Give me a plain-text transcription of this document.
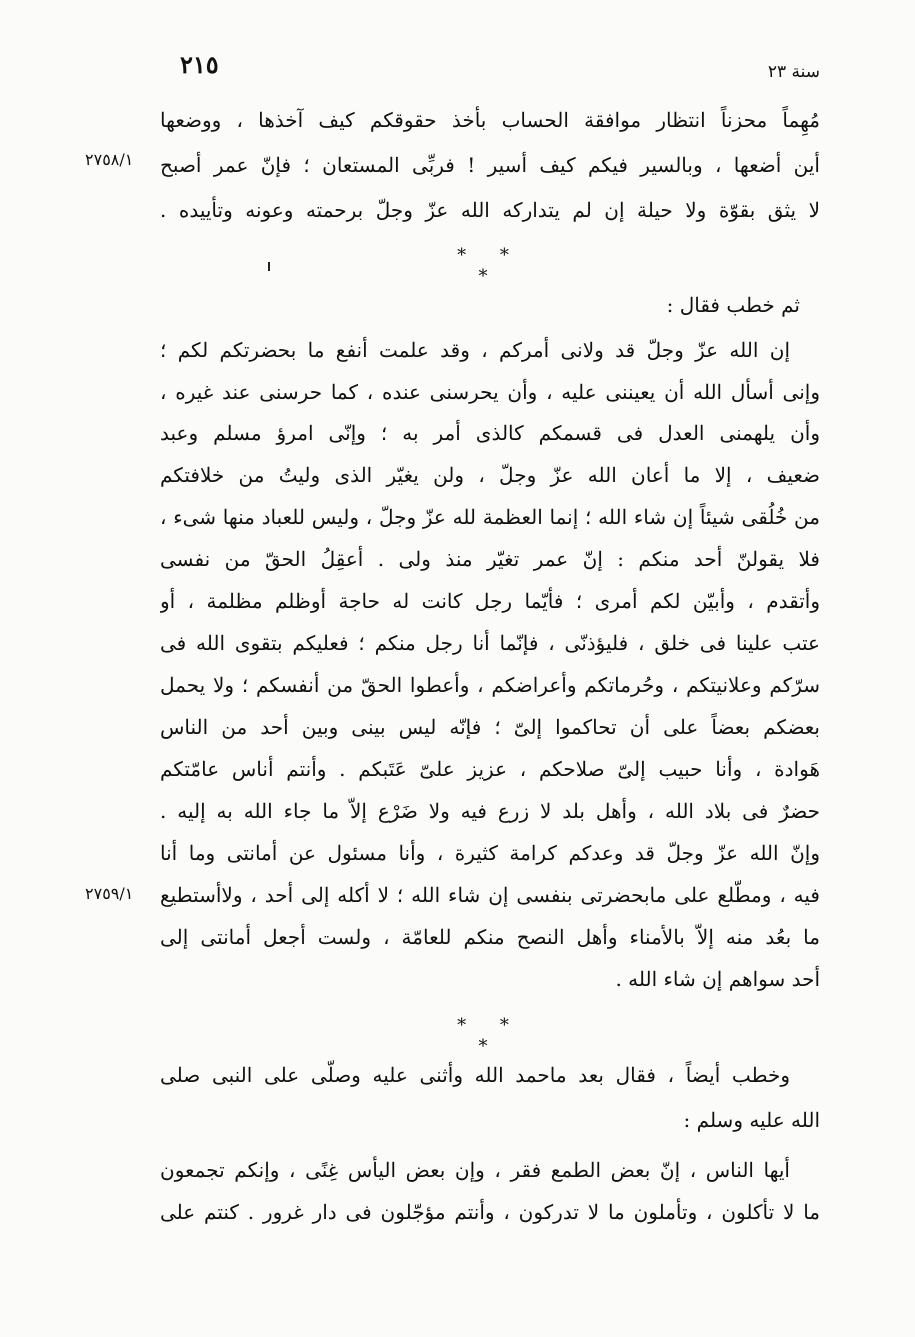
٢١٥	سنة ٢٣
مُهِماً محزناً انتظار موافقة الحساب بأخذ حقوقكم كيف آخذها ، ووضعها
أين أضعها ، وبالسير فيكم كيف أسير ! فربِّى المستعان ؛ فإنّ عمر أصبح
لا يثق بقوّة ولا حيلة إن لم يتداركه الله عزّ وجلّ برحمته وعونه وتأييده .
٢٧٥٨/١
* * *
ثم خطب فقال :
إن الله عزّ وجلّ قد ولانى أمركم ، وقد علمت أنفع ما بحضرتكم لكم ؛
وإنى أسأل الله أن يعيننى عليه ، وأن يحرسنى عنده ، كما حرسنى عند غيره ،
وأن يلهمنى العدل فى قسمكم كالذى أمر به ؛ وإنّى امرؤ مسلم وعبد
ضعيف ، إلا ما أعان الله عزّ وجلّ ، ولن يغيّر الذى وليتُ من خلافتكم
من خُلُقى شيئاً إن شاء الله ؛ إنما العظمة لله عزّ وجلّ ، وليس للعباد منها شىء ،
فلا يقولنّ أحد منكم : إنّ عمر تغيّر منذ ولى . أعقِلُ الحقّ من نفسى
وأتقدم ، وأبيّن لكم أمرى ؛ فأيّما رجل كانت له حاجة أوظلم مظلمة ، أو
عتب علينا فى خلق ، فليؤذنّى ، فإنّما أنا رجل منكم ؛ فعليكم بتقوى الله فى
سرّكم وعلانيتكم ، وحُرماتكم وأعراضكم ، وأعطوا الحقّ من أنفسكم ؛ ولا يحمل
بعضكم بعضاً على أن تحاكموا إلىّ ؛ فإنّه ليس بينى وبين أحد من الناس
هَوادة ، وأنا حبيب إلىّ صلاحكم ، عزيز علىّ عَتَبكم . وأنتم أناس عامّتكم
حضرٌ فى بلاد الله ، وأهل بلد لا زرع فيه ولا ضَرْع إلاّ ما جاء الله به إليه .
وإنّ الله عزّ وجلّ قد وعدكم كرامة كثيرة ، وأنا مسئول عن أمانتى وما أنا
فيه ، ومطّلع على مابحضرتى بنفسى إن شاء الله ؛ لا أكله إلى أحد ، ولاأستطيع
ما بعُد منه إلاّ بالأمناء وأهل النصح منكم للعامّة ، ولست أجعل أمانتى إلى
أحد سواهم إن شاء الله .
٢٧٥٩/١
* * *
وخطب أيضاً ، فقال بعد ماحمد الله وأثنى عليه وصلّى على النبى صلى
الله عليه وسلم :
أيها الناس ، إنّ بعض الطمع فقر ، وإن بعض اليأس غِنًى ، وإنكم تجمعون
ما لا تأكلون ، وتأملون ما لا تدركون ، وأنتم مؤجّلون فى دار غرور . كنتم على
